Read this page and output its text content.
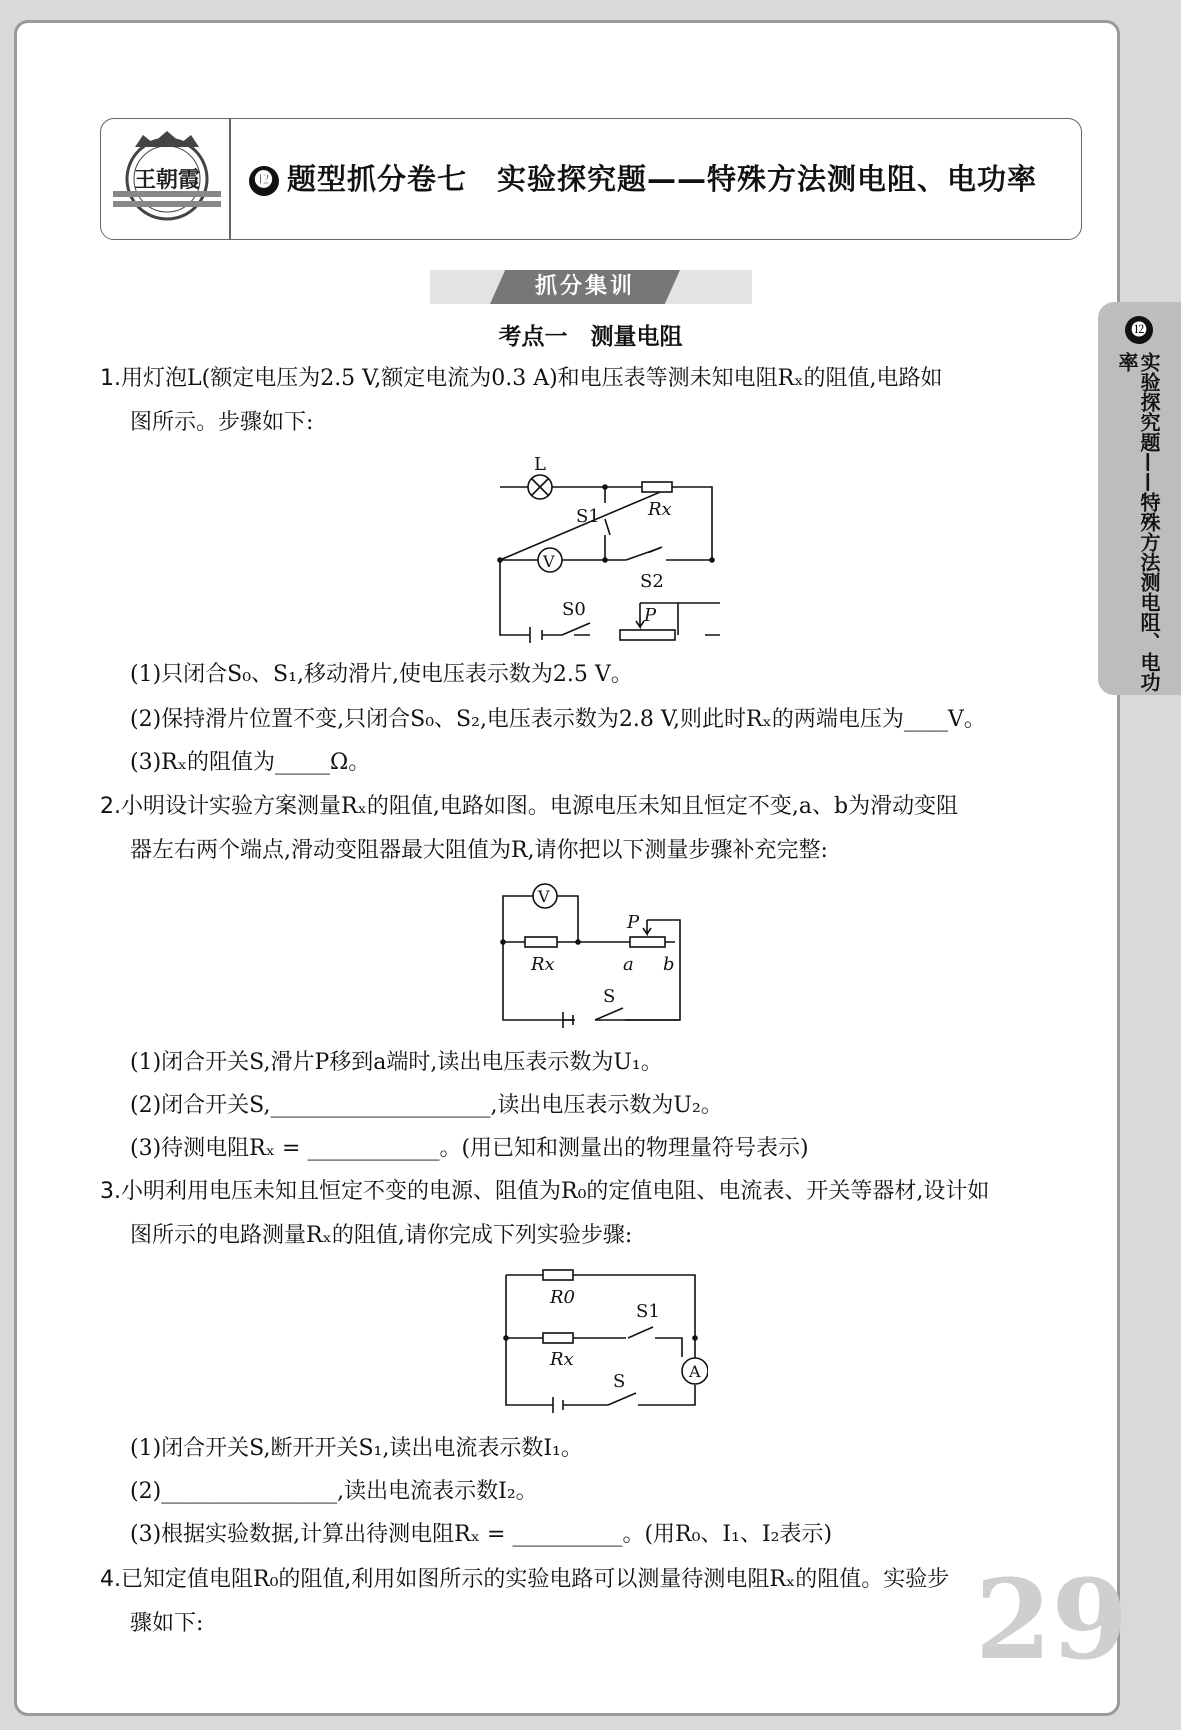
王朝霞	⓬ 题型抓分卷七　实验探究题——特殊方法测电阻、电功率
抓分集训
考点一　测量电阻	⓬
实验探究题——特殊方法测电阻、电功率
1.用灯泡L(额定电压为2.5 V,额定电流为0.3 A)和电压表等测未知电阻Rₓ的阻值,电路如
图所示。步骤如下:
L
V
Rx
S1
S2
S0	P
(1)只闭合S₀、S₁,移动滑片,使电压表示数为2.5 V。
(2)保持滑片位置不变,只闭合S₀、S₂,电压表示数为2.8 V,则此时Rₓ的两端电压为____V。
(3)Rₓ的阻值为_____Ω。
2.小明设计实验方案测量Rₓ的阻值,电路如图。电源电压未知且恒定不变,a、b为滑动变阻
器左右两个端点,滑动变阻器最大阻值为R,请你把以下测量步骤补充完整:
V
Rx
P
a b
S
(1)闭合开关S,滑片P移到a端时,读出电压表示数为U₁。
(2)闭合开关S,____________________,读出电压表示数为U₂。
(3)待测电阻Rₓ = ____________。(用已知和测量出的物理量符号表示)
3.小明利用电压未知且恒定不变的电源、阻值为R₀的定值电阻、电流表、开关等器材,设计如
图所示的电路测量Rₓ的阻值,请你完成下列实验步骤:
R0
S1
Rx
A
S
(1)闭合开关S,断开开关S₁,读出电流表示数I₁。
(2)________________,读出电流表示数I₂。
(3)根据实验数据,计算出待测电阻Rₓ = __________。(用R₀、I₁、I₂表示)
29
4.已知定值电阻R₀的阻值,利用如图所示的实验电路可以测量待测电阻Rₓ的阻值。实验步
骤如下:
